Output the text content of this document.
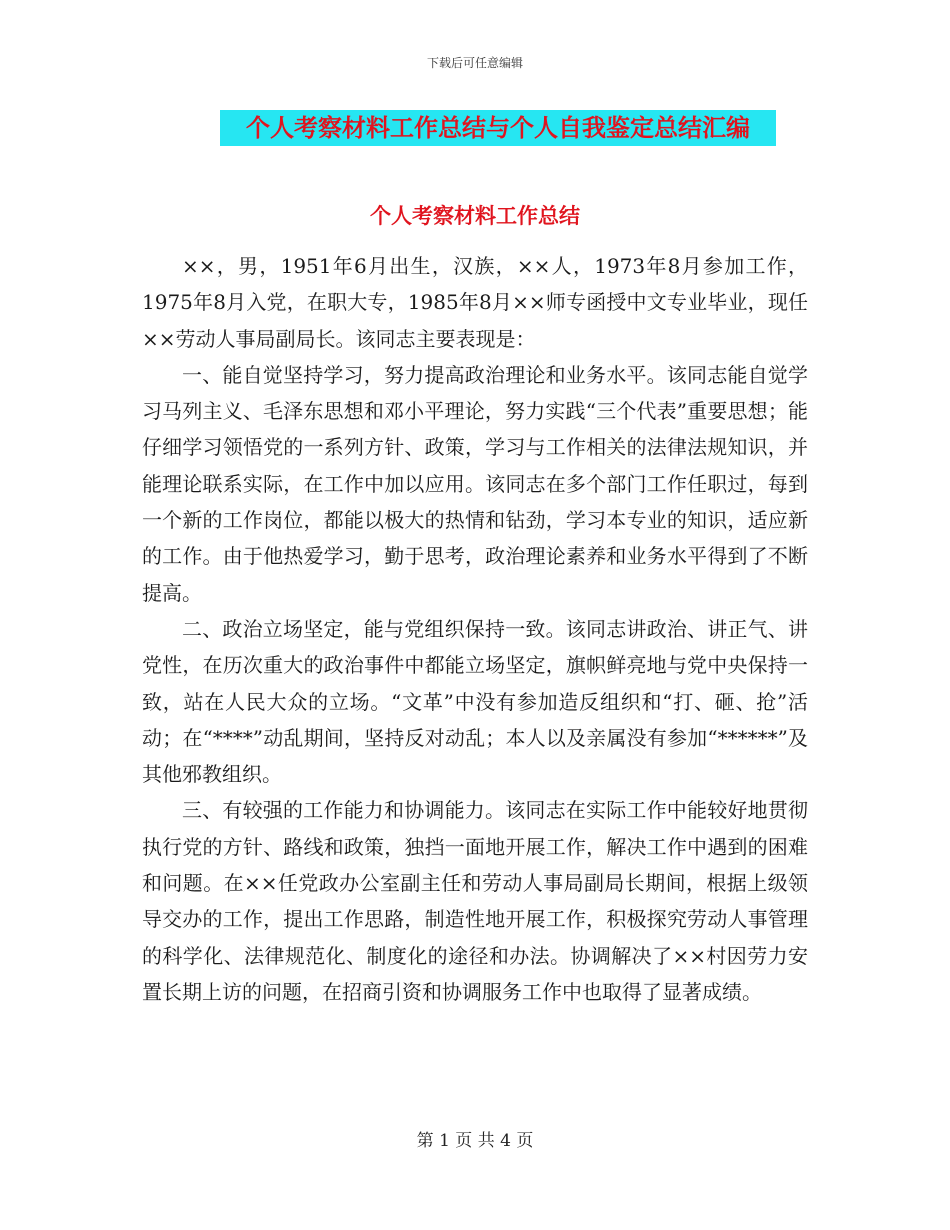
下载后可任意编辑
个人考察材料工作总结与个人自我鉴定总结汇编
个人考察材料工作总结

××，男，1951年6月出生，汉族，××人，1973年8月参加工作，1975年8月入党，在职大专，1985年8月××师专函授中文专业毕业，现任××劳动人事局副局长。该同志主要表现是：

一、能自觉坚持学习，努力提高政治理论和业务水平。该同志能自觉学习马列主义、毛泽东思想和邓小平理论，努力实践“三个代表”重要思想；能仔细学习领悟党的一系列方针、政策，学习与工作相关的法律法规知识，并能理论联系实际，在工作中加以应用。该同志在多个部门工作任职过，每到一个新的工作岗位，都能以极大的热情和钻劲，学习本专业的知识，适应新的工作。由于他热爱学习，勤于思考，政治理论素养和业务水平得到了不断提高。

二、政治立场坚定，能与党组织保持一致。该同志讲政治、讲正气、讲党性，在历次重大的政治事件中都能立场坚定，旗帜鲜亮地与党中央保持一致，站在人民大众的立场。“文革”中没有参加造反组织和“打、砸、抢”活动；在“****”动乱期间，坚持反对动乱；本人以及亲属没有参加“******”及其他邪教组织。

三、有较强的工作能力和协调能力。该同志在实际工作中能较好地贯彻执行党的方针、路线和政策，独挡一面地开展工作，解决工作中遇到的困难和问题。在××任党政办公室副主任和劳动人事局副局长期间，根据上级领导交办的工作，提出工作思路，制造性地开展工作，积极探究劳动人事管理的科学化、法律规范化、制度化的途径和办法。协调解决了××村因劳力安置长期上访的问题，在招商引资和协调服务工作中也取得了显著成绩。

第 1 页 共 4 页
